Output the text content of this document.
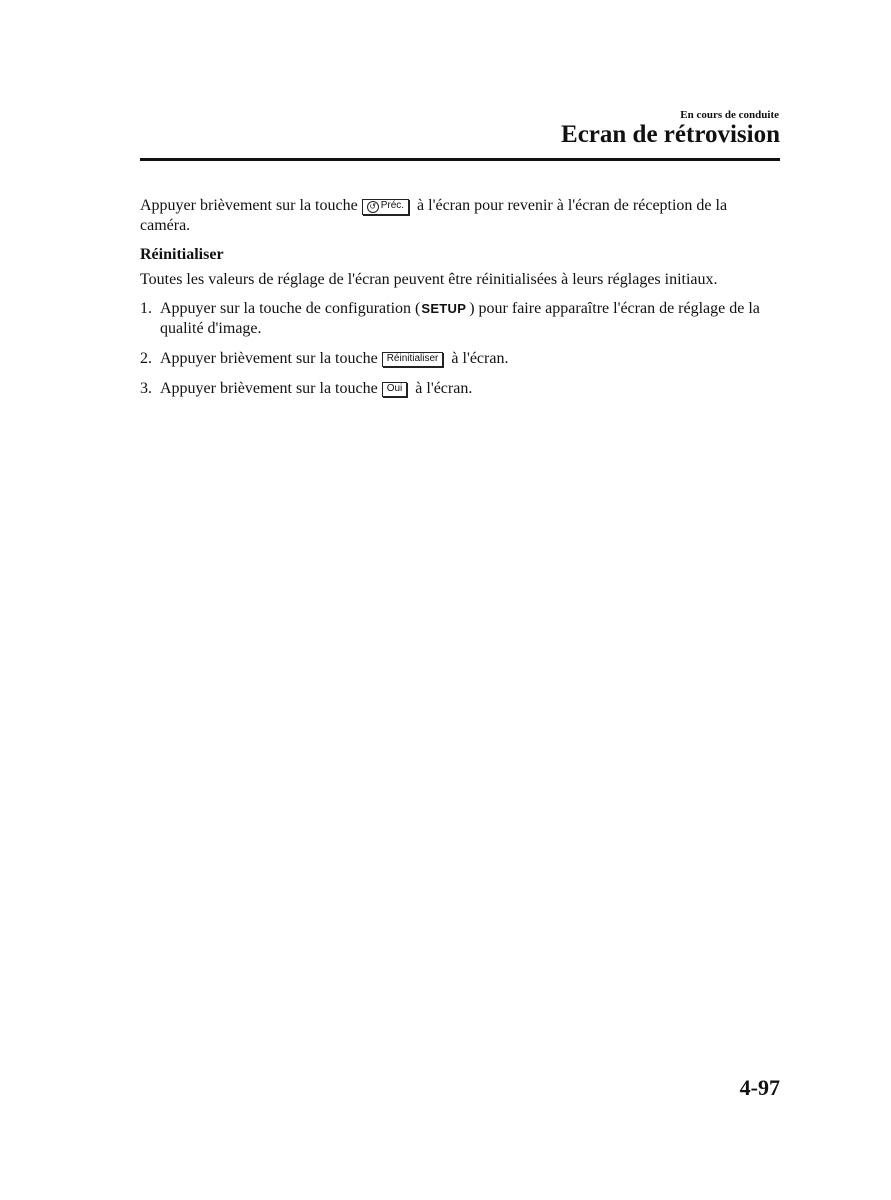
En cours de conduite
Ecran de rétrovision

Appuyer brièvement sur la touche ↺ Préc. à l'écran pour revenir à l'écran de réception de la caméra.

Réinitialiser

Toutes les valeurs de réglage de l'écran peuvent être réinitialisées à leurs réglages initiaux.

1. Appuyer sur la touche de configuration (SETUP ) pour faire apparaître l'écran de réglage de la qualité d'image.
2. Appuyer brièvement sur la touche Réinitialiser à l'écran.
3. Appuyer brièvement sur la touche Oui à l'écran.
4-97
